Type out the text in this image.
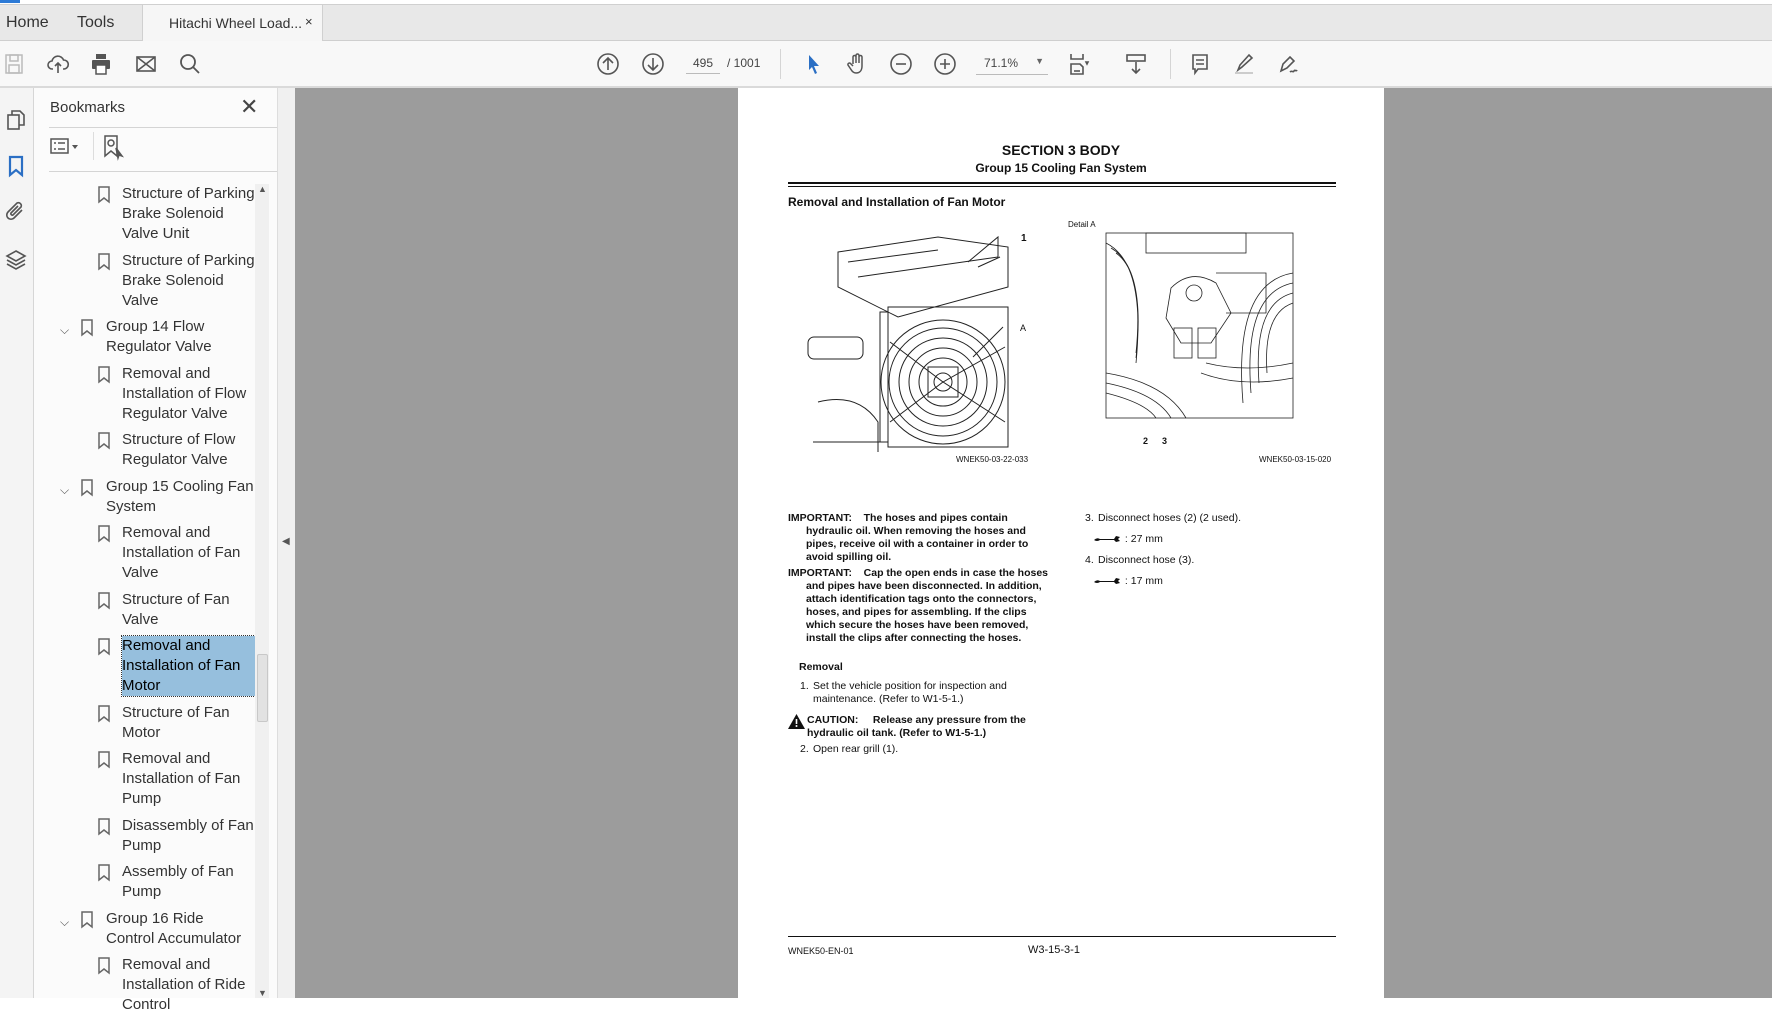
Home Tools	Hitachi Wheel Load... ×
495	/ 1001	71.1% ▼
Bookmarks	✕
Structure of Parking Brake Solenoid Valve Unit
Structure of Parking Brake Solenoid Valve
⌵ Group 14 Flow Regulator Valve
Removal and Installation of Flow Regulator Valve
Structure of Flow Regulator Valve
⌵ Group 15 Cooling Fan System
Removal and Installation of Fan Valve
Structure of Fan Valve
Removal and Installation of Fan Motor
Structure of Fan Motor
Removal and Installation of Fan Pump
Disassembly of Fan Pump
Assembly of Fan Pump
⌵ Group 16 Ride Control Accumulator
Removal and Installation of Ride Control
▲
▼
◀
SECTION 3 BODY
Group 15 Cooling Fan System
Removal and Installation of Fan Motor
1
A
WNEK50-03-22-033
Detail A
2 3
WNEK50-03-15-020
IMPORTANT: The hoses and pipes contain hydraulic oil. When removing the hoses and pipes, receive oil with a container in order to avoid spilling oil.
IMPORTANT: Cap the open ends in case the hoses and pipes have been disconnected. In addition, attach identification tags onto the connectors, hoses, and pipes for assembling. If the clips which secure the hoses have been removed, install the clips after connecting the hoses.
Removal
1. Set the vehicle position for inspection and maintenance. (Refer to W1-5-1.)
CAUTION: Release any pressure from the hydraulic oil tank. (Refer to W1-5-1.)
2. Open rear grill (1).
3. Disconnect hoses (2) (2 used).
: 27 mm
4. Disconnect hose (3).
: 17 mm
WNEK50-EN-01	W3-15-3-1
